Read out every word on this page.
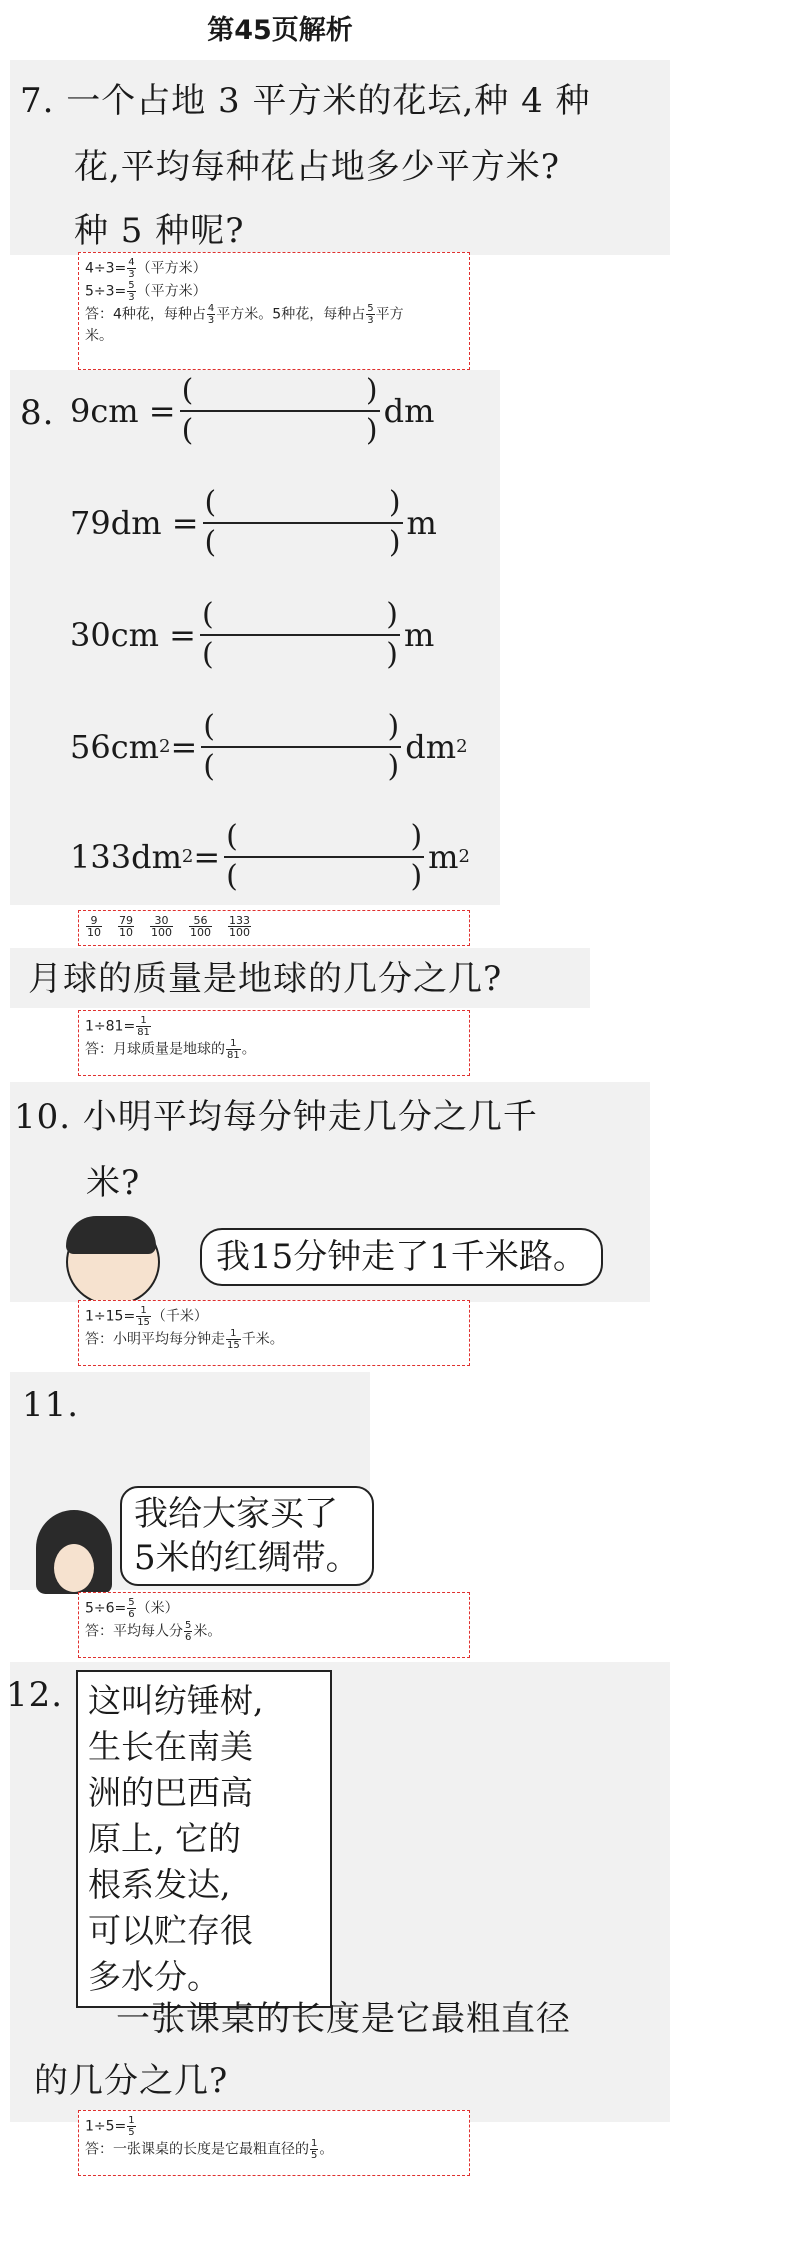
第45页解析
7. 一个占地 3 平方米的花坛,种 4 种
花,平均每种花占地多少平方米?
种 5 种呢?
$4\div 3= \frac{4}{3}$ （平方米）
$5\div 3= \frac{5}{3}$ （平方米）
答：4种花，每种占 $\frac{4}{3}$ 平方米。5种花，每种占 $\frac{5}{3}$ 平方
米。
8. 9cm =
(	)
(	)
dm
79dm =
(	)
(	)
m
30cm =
(	)
(	)
m
56cm 2 =
(	)
(	)
dm 2
133dm 2 =
(	)
(	)
m 2
$\frac{9}{10} \frac{79}{10} \frac{30}{100} \frac{56}{100} \frac{133}{100}$
月球的质量是地球的几分之几?
$1\div 81= \frac{1}{81}$
答：月球质量是地球的 $\frac{1}{81}$ 。
10. 小明平均每分钟走几分之几千
米?
我15分钟走了1千米路。
$1\div 15= \frac{1}{15}$ （千米）
答：小明平均每分钟走 $\frac{1}{15}$ 千米。
11.
我给大家买了
5米的红绸带。
$5\div 6= \frac{5}{6}$ （米）
答：平均每人分 $\frac{5}{6}$ 米。
12. 这叫纺锤树,
生长在南美
洲的巴西高
原上, 它的
根系发达,
可以贮存很
多水分。
一张课桌的长度是它最粗直径
的几分之几?
$1\div 5= \frac{1}{5}$
答：一张课桌的长度是它最粗直径的 $\frac{1}{5}$ 。
